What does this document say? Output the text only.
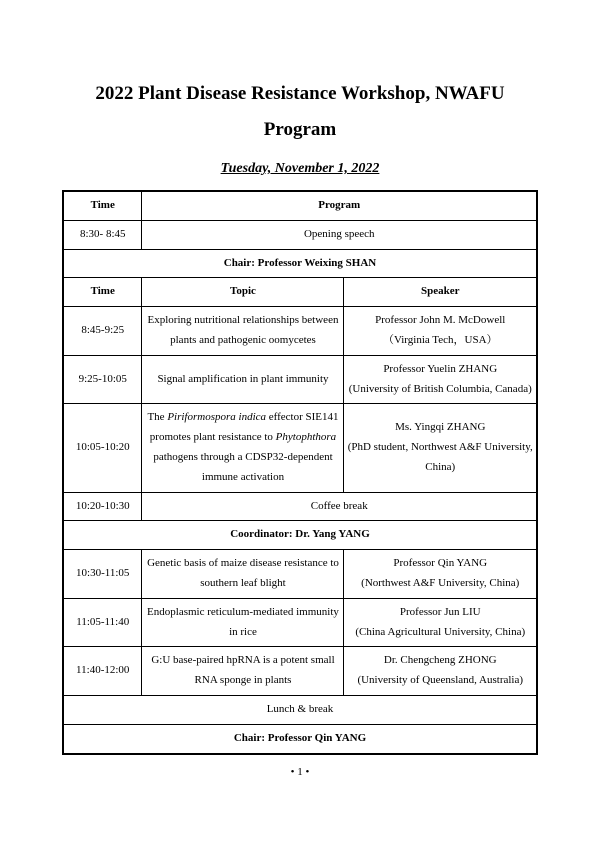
2022 Plant Disease Resistance Workshop, NWAFU
Program
Tuesday, November 1, 2022
Time	Program	
8:30- 8:45	Opening speech	
Chair: Professor Weixing SHAN		
Time	Topic	Speaker
8:45-9:25	Exploring nutritional relationships between plants and pathogenic oomycetes	Professor John M. McDowell
（Virginia Tech，USA）

9:25-10:05	Signal amplification in plant immunity	Professor Yuelin ZHANG
(University of British Columbia, Canada)

10:05-10:20	The Piriformospora indica effector SIE141 promotes plant resistance to Phytophthora pathogens through a CDSP32-dependent immune activation	Ms. Yingqi ZHANG
(PhD student, Northwest A&F University, China)

10:20-10:30	Coffee break	
Coordinator: Dr. Yang YANG		
10:30-11:05	Genetic basis of maize disease resistance to southern leaf blight	Professor Qin YANG
(Northwest A&F University, China)

11:05-11:40	Endoplasmic reticulum-mediated immunity in rice	Professor Jun LIU
(China Agricultural University, China)

11:40-12:00	G:U base-paired hpRNA is a potent small RNA sponge in plants	Dr. Chengcheng ZHONG
(University of Queensland, Australia)

Lunch & break		
Chair: Professor Qin YANG		
• 1 •
